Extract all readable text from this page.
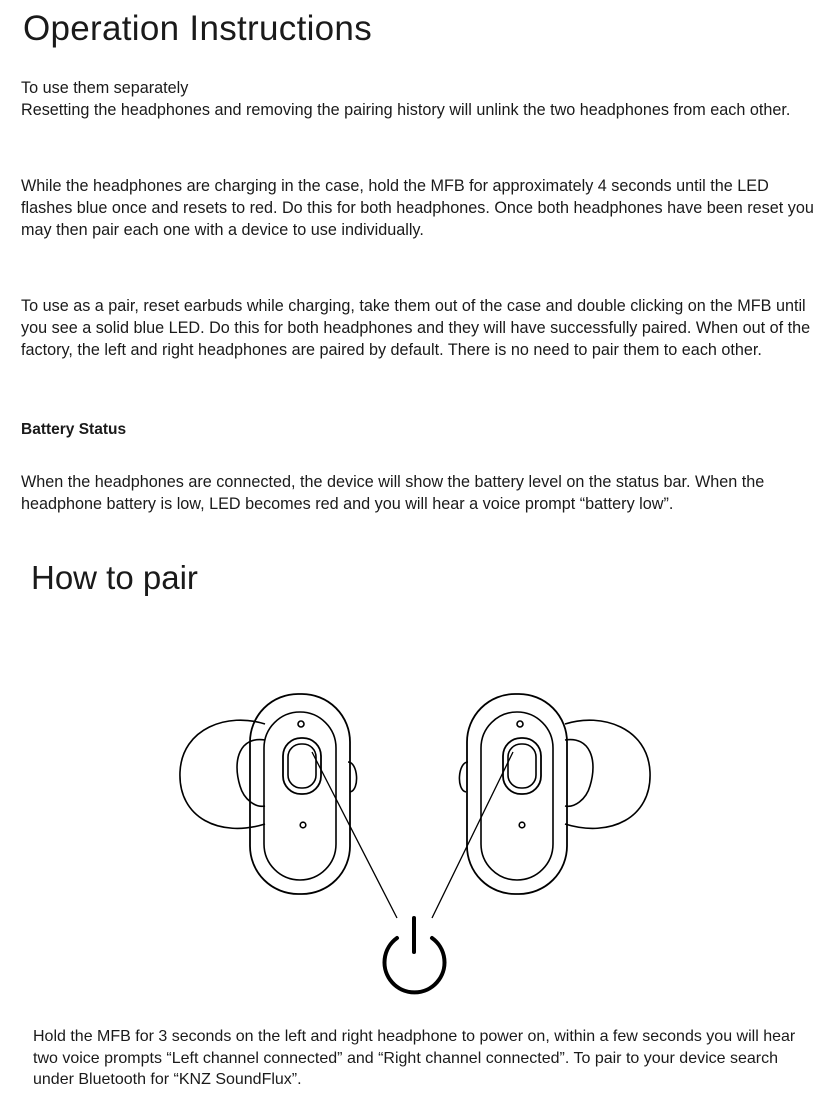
Operation Instructions
To use them separately
Resetting the headphones and removing the pairing history will unlink the two headphones from each other.

While the headphones are charging in the case, hold the MFB for approximately 4 seconds until the LED flashes blue once and resets to red. Do this for both headphones. Once both headphones have been reset you may then pair each one with a device to use individually.

To use as a pair, reset earbuds while charging, take them out of the case and double clicking on the MFB until you see a solid blue LED. Do this for both headphones and they will have successfully paired. When out of the factory, the left and right headphones are paired by default. There is no need to pair them to each other.

Battery Status

When the headphones are connected, the device will show the battery level on the status bar. When the headphone battery is low, LED becomes red and you will hear a voice prompt “battery low”.

How to pair

Hold the MFB for 3 seconds on the left and right headphone to power on, within a few seconds you will hear two voice prompts “Left channel connected” and “Right channel connected”. To pair to your device search under Bluetooth for “KNZ SoundFlux”.
